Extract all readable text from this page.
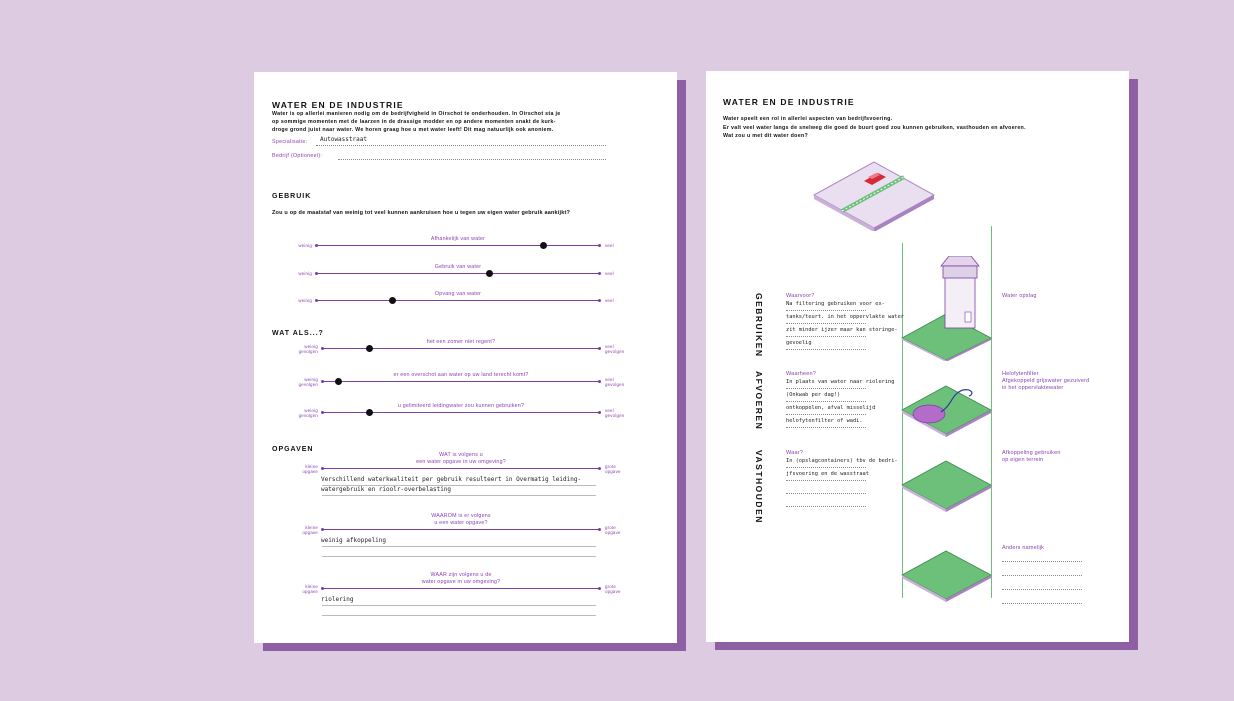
WATER EN DE INDUSTRIE
Water is op allerlei manieren nodig om de bedrijfvigheid in Oirschot te onderhouden. In Oirschot sta je
op sommige momenten met de laarzen in de drassige modder en op andere momenten snakt de kurk-
droge grond juist naar water. We horen graag hoe u met water leeft! Dit mag natuurlijk ook anoniem.
Specialisatie: Autowasstraat
Bedrijf (Optioneel):
GEBRUIK
Zou u op de maatstaf van weinig tot veel kunnen aankruisen hoe u tegen uw eigen water gebruik aankijkt?
Afhankelijk van water
weinig	veel
Gebruik van water
weinig	veel
Opvang van water
weinig	veel
WAT ALS...?
het een zomer niet regent?
weinig gevolgen
veel gevolgen
er een overschot aan water op uw land terecht komt?
weinig gevolgen
veel gevolgen
u gelimiteerd leidingwater zou kunnen gebruiken?
weinig gevolgen
veel gevolgen
OPGAVEN
WAT is volgens u
een water opgave in uw omgeving?
kleine opgave
grote opgave
Verschillend waterkwaliteit per gebruik resulteert in Overmatig leiding-
watergebruik en rioolr-overbelasting
WAAROM is er volgens
u een water opgave?
kleine opgave
grote opgave
weinig afkoppeling
WAAR zijn volgens u de
water opgave in uw omgeving?
kleine opgave
grote opgave
riolering
WATER EN DE INDUSTRIE
Water speelt een rol in allerlei aspecten van bedrijfsvoering.
Er valt veel water langs de snelweg die goed de buurt goed zou kunnen gebruiken, vasthouden en afvoeren.
Wat zou u met dit water doen?
GEBRUIKEN	Waarvoor?
Na filtering gebruiken voor ex-
tanks/teurt. in het oppervlakte water
zit minder ijzer maar kan storinge-
gevoelig
Water opslag
AFVOEREN	Waarheen?
In plaats van water naar riolering
(Onkwab per dag!)
ontkoppelen, afval misselijd
helofytenfilter of wadi.
Helofytenfilter
Afgekoppeld grijswater gezuiverd
in het oppervlaktewater
VASTHOUDEN	Waar?
In (opslagcontainers) tbv de bedri-
jfsvoering en de wasstraat
Afkoppeling gebruiken
op eigen terrein
Anders namelijk
